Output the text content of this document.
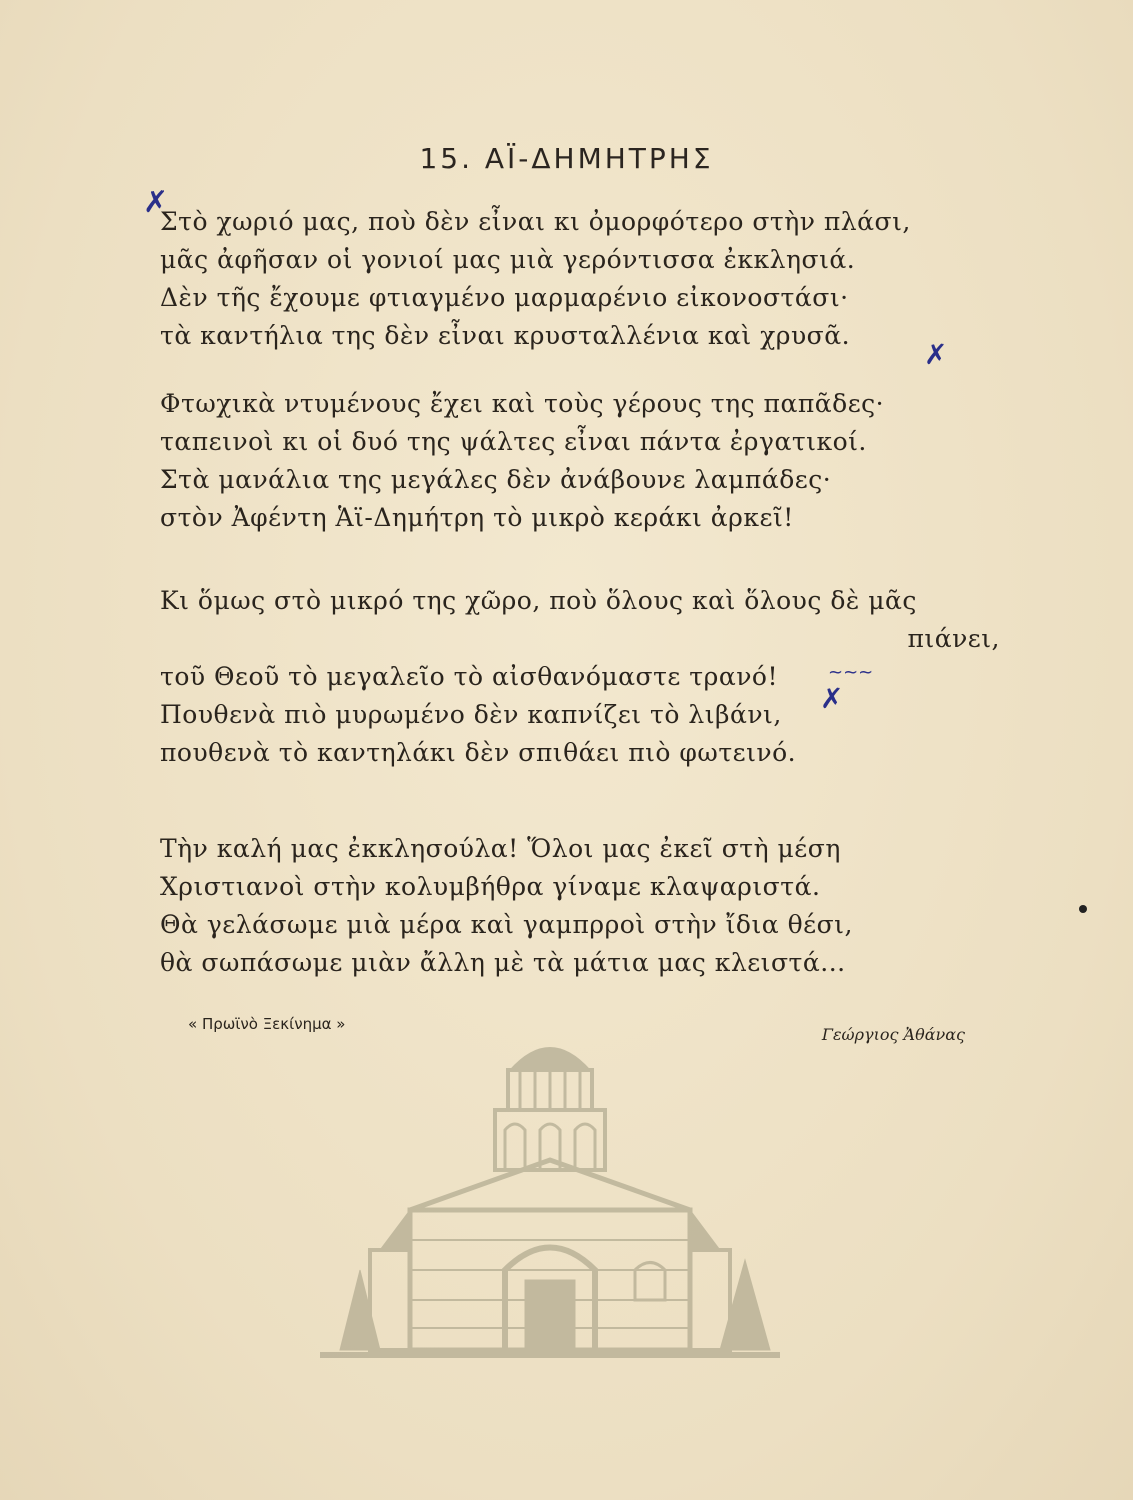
15. ΑΪ-ΔΗΜΗΤΡΗΣ
Στὸ χωριό μας, ποὺ δὲν εἶναι κι ὀμορφότερο στὴν πλάσι,
μᾶς ἀφῆσαν οἱ γονιοί μας μιὰ γερόντισσα ἐκκλησιά.
Δὲν τῆς ἔχουμε φτιαγμένο μαρμαρένιο εἰκονοστάσι·
τὰ καντήλια της δὲν εἶναι κρυσταλλένια καὶ χρυσᾶ.
Φτωχικὰ ντυμένους ἔχει καὶ τοὺς γέρους της παπᾶδες·
ταπεινοὶ κι οἱ δυό της ψάλτες εἶναι πάντα ἐργατικοί.
Στὰ μανάλια της μεγάλες δὲν ἀνάβουνε λαμπάδες·
στὸν Ἀφέντη Ἁϊ-Δημήτρη τὸ μικρὸ κεράκι ἀρκεῖ!
Κι ὅμως στὸ μικρό της χῶρο, ποὺ ὅλους καὶ ὅλους δὲ μᾶς
πιάνει,
τοῦ Θεοῦ τὸ μεγαλεῖο τὸ αἰσθανόμαστε τρανό!
Πουθενὰ πιὸ μυρωμένο δὲν καπνίζει τὸ λιβάνι,
πουθενὰ τὸ καντηλάκι δὲν σπιθάει πιὸ φωτεινό.
Τὴν καλή μας ἐκκλησούλα! Ὅλοι μας ἐκεῖ στὴ μέση
Χριστιανοὶ στὴν κολυμβήθρα γίναμε κλαψαριστά.
Θὰ γελάσωμε μιὰ μέρα καὶ γαμπρροὶ στὴν ἴδια θέσι,
θὰ σωπάσωμε μιὰν ἄλλη μὲ τὰ μάτια μας κλειστά...
« Πρωϊνὸ Ξεκίνημα »
Γεώργιος Ἀθάνας
✗
✗
✗
~~~
